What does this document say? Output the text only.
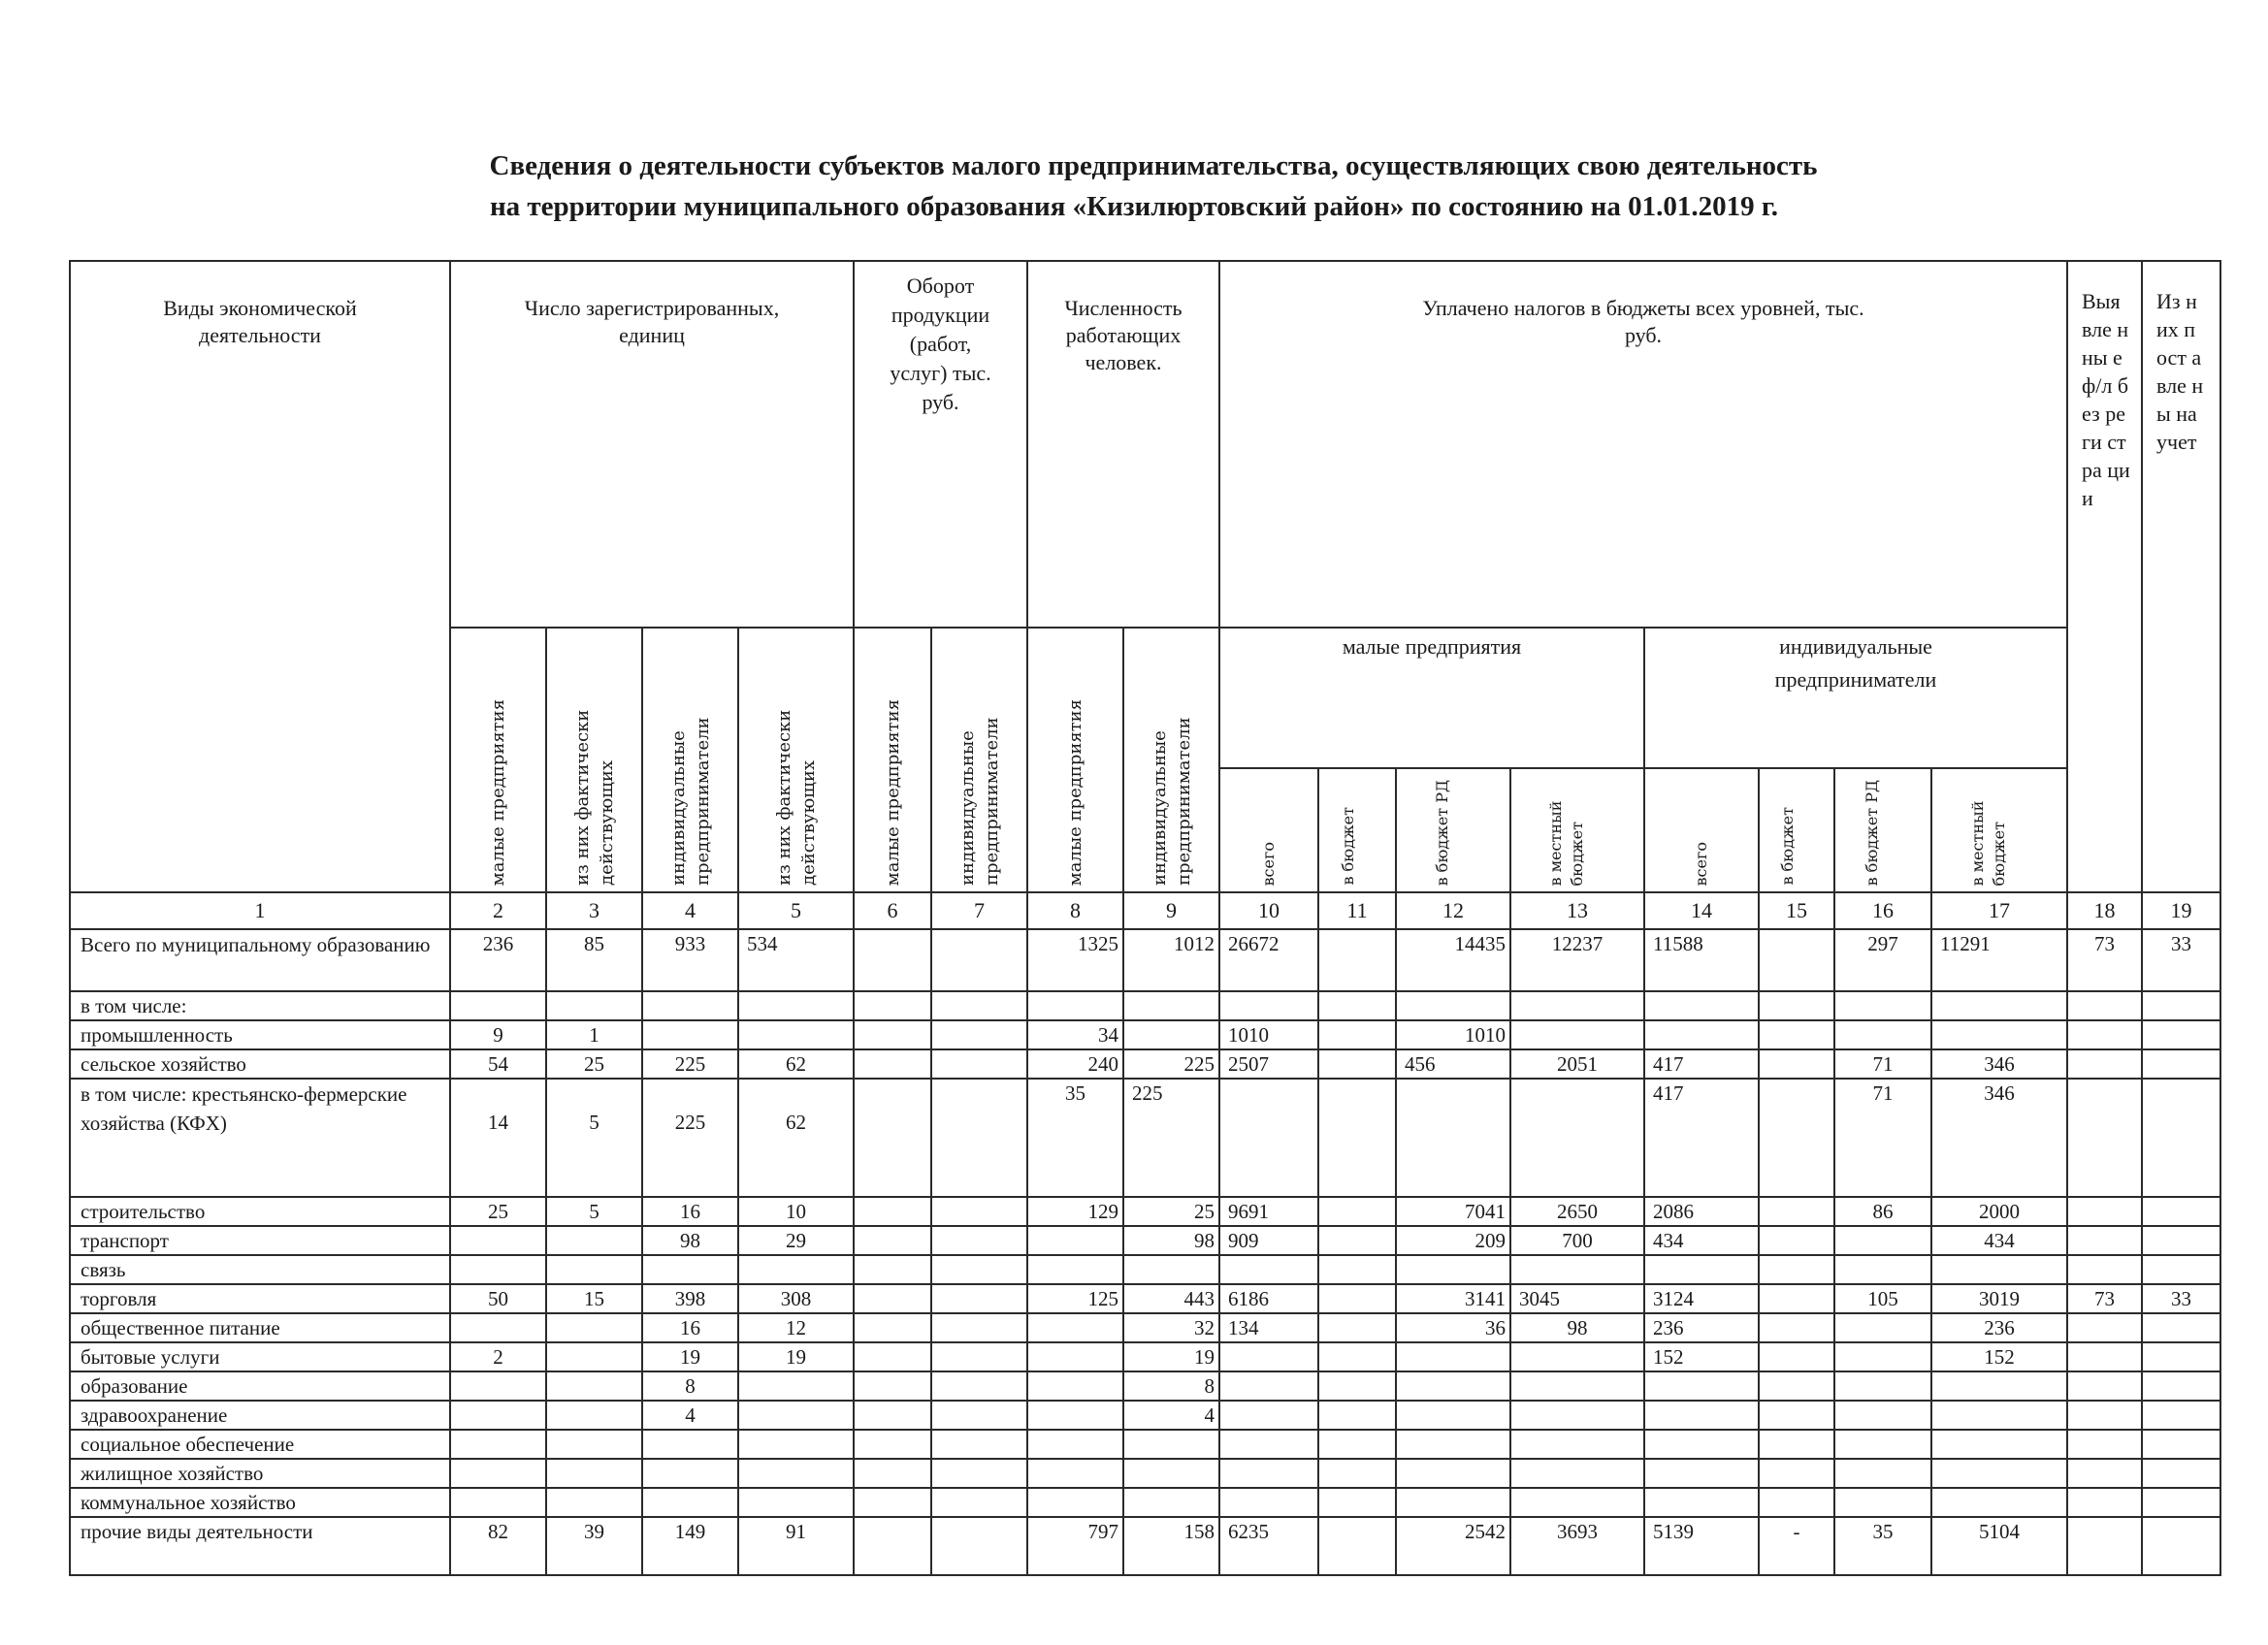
Сведения о деятельности субъектов малого предпринимательства, осуществляющих свою деятельность
на территории муниципального образования «Кизилюртовский район» по состоянию на 01.01.2019 г.
Виды экономической деятельности	Число зарегистрированных, единиц				Оборот продукции (работ, услуг) тыс. руб.		Численность работающих человек.		Уплачено налогов в бюджеты всех уровней, тыс. руб.								Выя вле нны е ф/л без реги стра ции	Из них пост авле ны на учет	

	малые предприятия	из них фактически действующих	индивидуальные предприниматели	из них фактически действующих	малые предприятия	индивидуальные предприниматели	малые предприятия	индивидуальные предприниматели	малые предприятия				индивидуальные предприниматели						

									всего	в бюджет	в бюджет РД	в местный бюджет	всего	в бюджет	в бюджет РД	в местный бюджет			
1	2	3	4	5	6	7	8	9	10	11	12	13	14	15	16	17	18	19	
Всего по муниципальному образованию	236	85	933	534			1325	1012	26672		14435	12237	11588		297	11291	73	33	
в том числе:																			
промышленность	9	1					34		1010		1010								
сельское хозяйство	54	25	225	62			240	225	2507		456	2051	417		71	346			
в том числе: крестьянско-фермерские хозяйства (КФХ)	14	5	225	62			35	225					417		71	346			
строительство	25	5	16	10			129	25	9691		7041	2650	2086		86	2000			
транспорт			98	29				98	909		209	700	434			434			
связь																			
торговля	50	15	398	308			125	443	6186		3141	3045	3124		105	3019	73	33	
общественное питание			16	12				32	134		36	98	236			236			
бытовые услуги	2		19	19				19					152			152			
образование			8					8											
здравоохранение			4					4											
социальное обеспечение																			
жилищное хозяйство																			
коммунальное хозяйство																			
прочие виды деятельности	82	39	149	91			797	158	6235		2542	3693	5139	-	35	5104			
